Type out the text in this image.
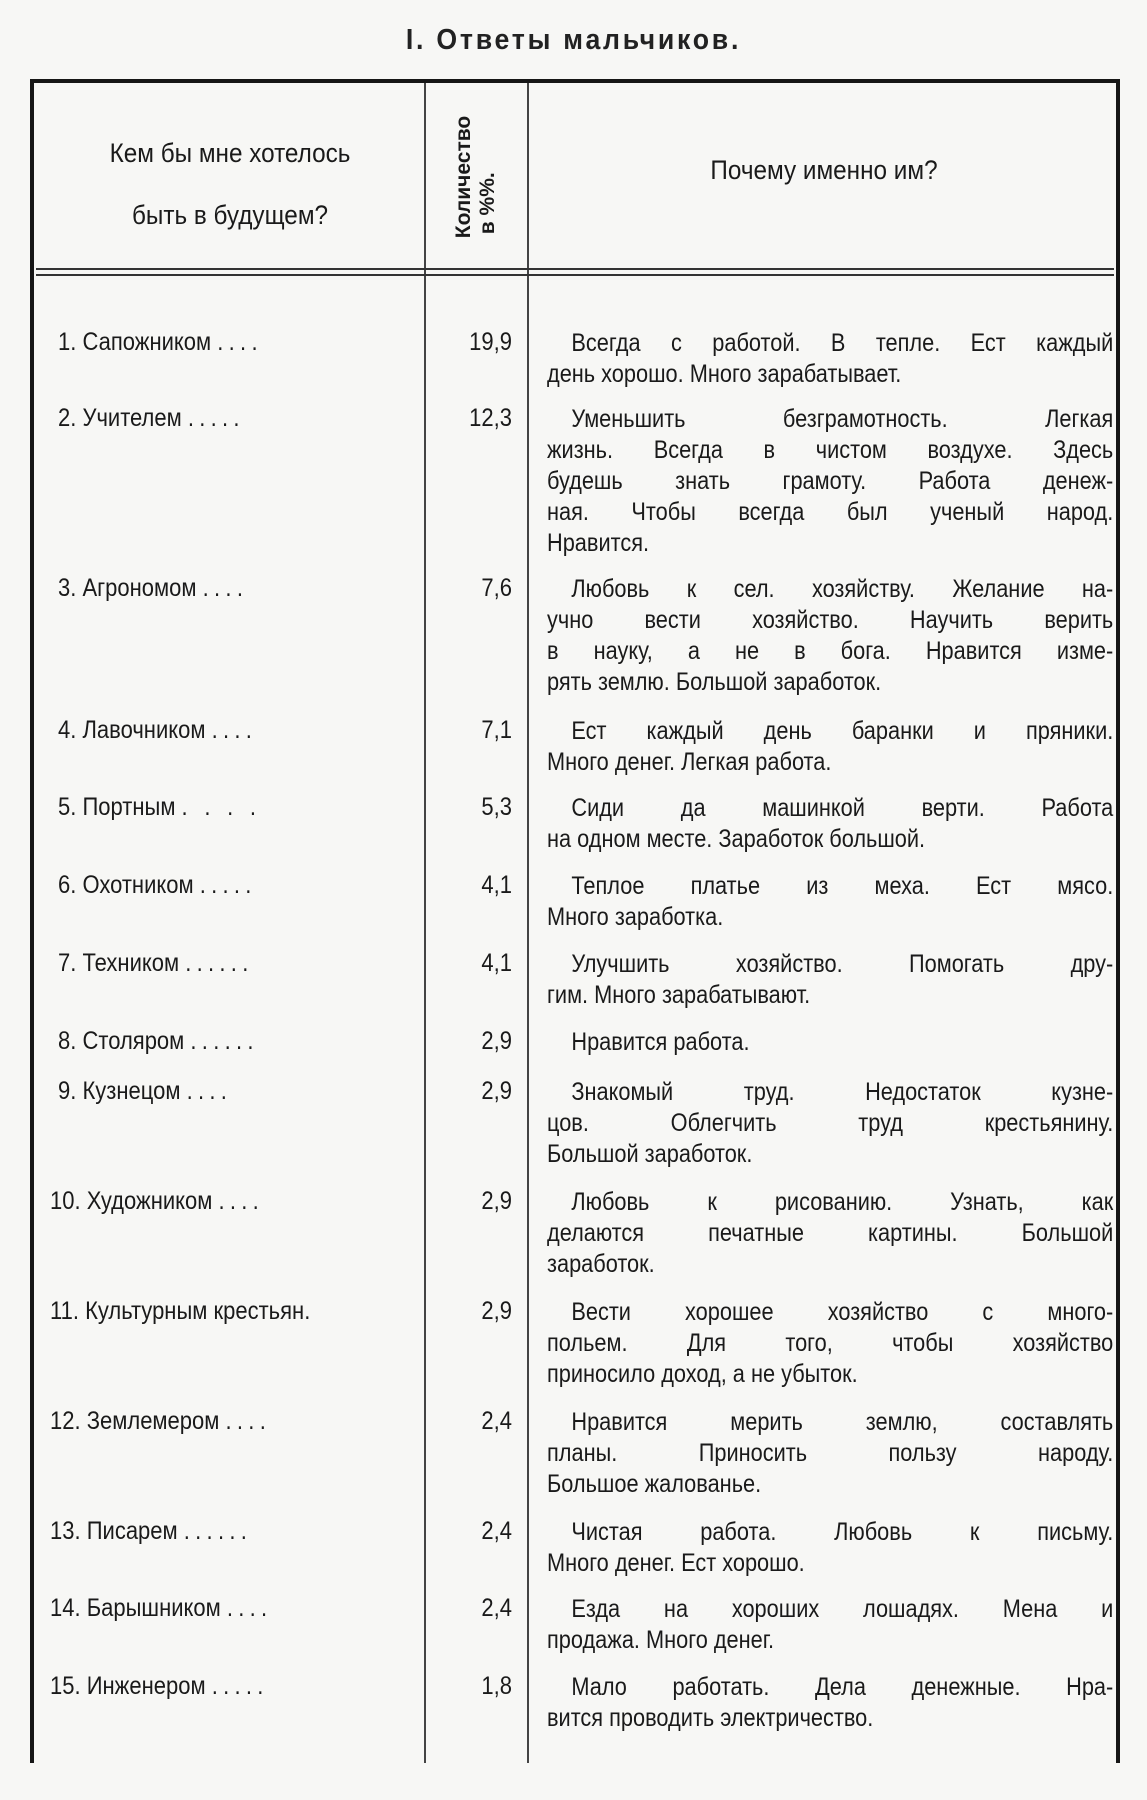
I. Ответы мальчиков.
Кем бы мне хотелось
быть в будущем?	Количество в %%.
Почему именно им?
1. Сапожником ....	19,9	Всегда с работой. В тепле. Ест каждый
день хорошо. Много зарабатывает.
2. Учителем .....	12,3	Уменьшить безграмотность. Легкая
жизнь. Всегда в чистом воздухе. Здесь
будешь знать грамоту. Работа денеж-
ная. Чтобы всегда был ученый народ.
Нравится.
3. Агрономом ....	7,6	Любовь к сел. хозяйству. Желание на-
учно вести хозяйство. Научить верить
в науку, а не в бога. Нравится изме-
рять землю. Большой заработок.
4. Лавочником ....	7,1	Ест каждый день баранки и пряники.
Много денег. Легкая работа.
5. Портным . . . .	5,3	Сиди да машинкой верти. Работа
на одном месте. Заработок большой.
6. Охотником .....	4,1	Теплое платье из меха. Ест мясо.
Много заработка.
7. Техником ......	4,1	Улучшить хозяйство. Помогать дру-
гим. Много зарабатывают.
8. Столяром ......	2,9	Нравится работа.
9. Кузнецом ....	2,9	Знакомый труд. Недостаток кузне-
цов. Облегчить труд крестьянину.
Большой заработок.
10. Художником ....	2,9	Любовь к рисованию. Узнать, как
делаются печатные картины. Большой
заработок.
11. Культурным крестьян.	2,9	Вести хорошее хозяйство с много-
польем. Для того, чтобы хозяйство
приносило доход, а не убыток.
12. Землемером ....	2,4	Нравится мерить землю, составлять
планы. Приносить пользу народу.
Большое жалованье.
13. Писарем ......	2,4	Чистая работа. Любовь к письму.
Много денег. Ест хорошо.
14. Барышником ....	2,4	Езда на хороших лошадях. Мена и
продажа. Много денег.
15. Инженером .....	1,8	Мало работать. Дела денежные. Нра-
вится проводить электричество.
